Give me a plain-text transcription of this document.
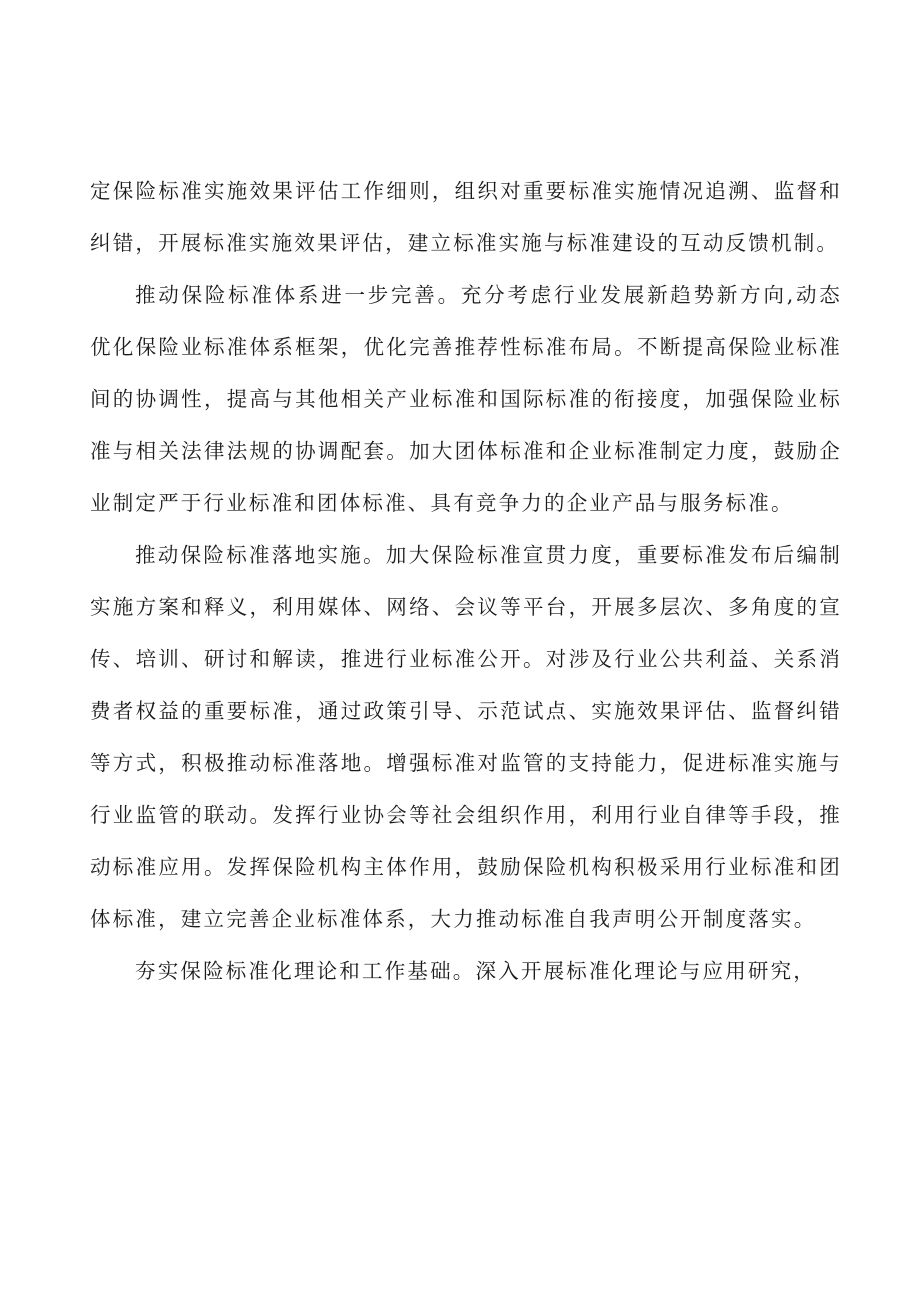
定保险标准实施效果评估工作细则，组织对重要标准实施情况追溯、监督和纠错，开展标准实施效果评估，建立标准实施与标准建设的互动反馈机制。

推动保险标准体系进一步完善。充分考虑行业发展新趋势新方向,动态优化保险业标准体系框架，优化完善推荐性标准布局。不断提高保险业标准间的协调性，提高与其他相关产业标准和国际标准的衔接度，加强保险业标准与相关法律法规的协调配套。加大团体标准和企业标准制定力度，鼓励企业制定严于行业标准和团体标准、具有竞争力的企业产品与服务标准。

推动保险标准落地实施。加大保险标准宣贯力度，重要标准发布后编制实施方案和释义，利用媒体、网络、会议等平台，开展多层次、多角度的宣传、培训、研讨和解读，推进行业标准公开。对涉及行业公共利益、关系消费者权益的重要标准，通过政策引导、示范试点、实施效果评估、监督纠错等方式，积极推动标准落地。增强标准对监管的支持能力，促进标准实施与行业监管的联动。发挥行业协会等社会组织作用，利用行业自律等手段，推动标准应用。发挥保险机构主体作用，鼓励保险机构积极采用行业标准和团体标准，建立完善企业标准体系，大力推动标准自我声明公开制度落实。

夯实保险标准化理论和工作基础。深入开展标准化理论与应用研究，
